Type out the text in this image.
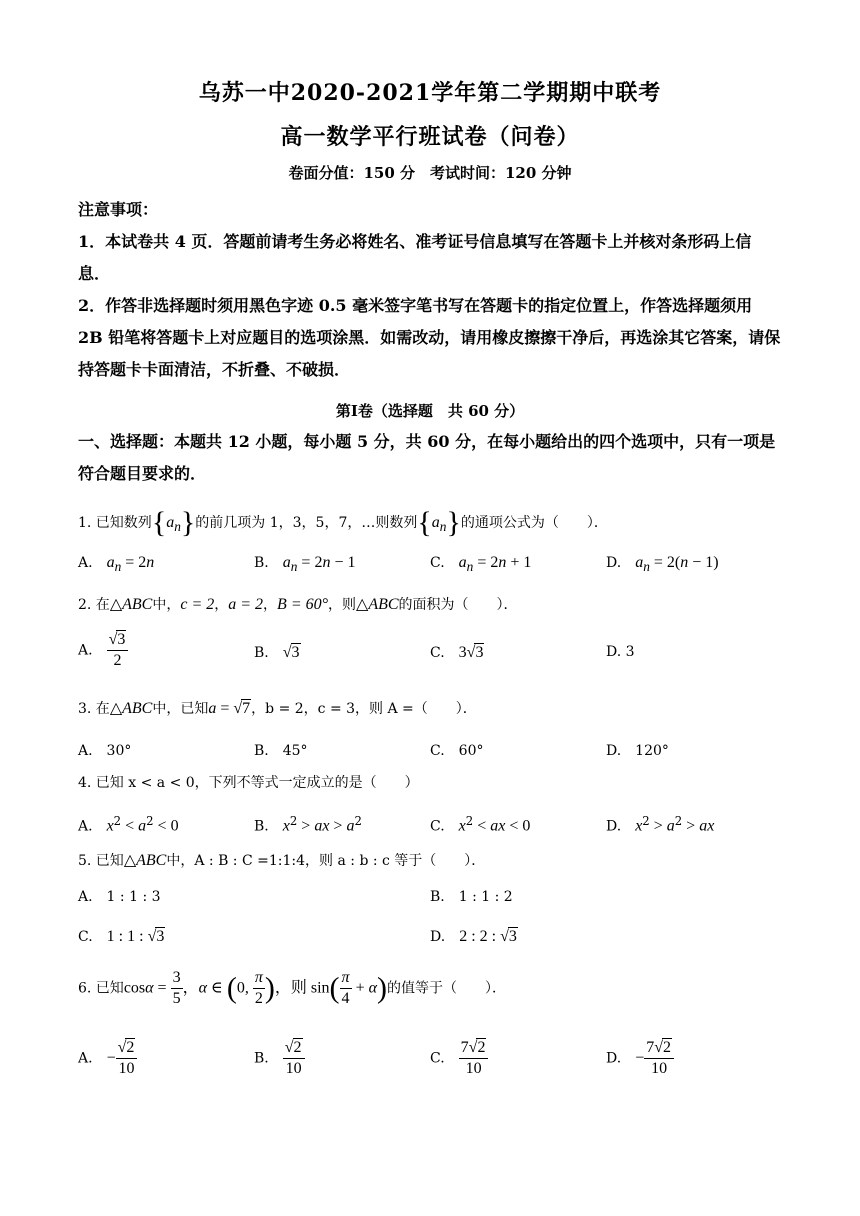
乌苏一中2020-2021学年第二学期期中联考
高一数学平行班试卷（问卷）
卷面分值：150 分　考试时间：120 分钟
注意事项：
1．本试卷共 4 页．答题前请考生务必将姓名、准考证号信息填写在答题卡上并核对条形码上信息．
2．作答非选择题时须用黑色字迹 0.5 毫米签字笔书写在答题卡的指定位置上，作答选择题须用 2B 铅笔将答题卡上对应题目的选项涂黑．如需改动，请用橡皮擦擦干净后，再选涂其它答案，请保持答题卡卡面清洁，不折叠、不破损．
第Ⅰ卷（选择题　共 60 分）
一、选择题：本题共 12 小题，每小题 5 分，共 60 分，在每小题给出的四个选项中，只有一项是符合题目要求的．
1. 已知数列$\{a_n\}$的前几项为 1，3，5，7，…则数列$\{a_n\}$的通项公式为（　　）．
A.　 $a_n = 2n$	B.　 $a_n = 2n - 1$	C.　 $a_n = 2n + 1$	D.　 $a_n = 2(n - 1)$
2. 在△ABC中，c = 2，a = 2，B = 60°，则△ABC的面积为（　　）．
A.　 $\frac{√3}{2}$	B.　√3	C.　3√3	D. 3
3. 在△ABC中，已知a = √7，b = 2，c = 3，则 A =（　　）．
A.　30°	B.　45°	C.　60°	D.　120°
4. 已知 x < a < 0，下列不等式一定成立的是（　　）
A.　$x^2 < a^2 < 0$	B.　$x^2$ > ax > $a^2$	C.　$x^2$ < ax < 0	D.　$x^2 > a^2$ > ax
5. 已知△ABC中，A : B : C =1:1:4，则 a : b : c 等于（　　）．
A.　1 : 1 : 3	B.　1 : 1 : 2
C.　1 : 1 : √3	D.　2 : 2 : √3
6. 已知$\cos\alpha = \frac{3}{5}$ ，α ∈ (0, $\frac{\pi}{2}$ )，则 $\sin( \frac{\pi}{4} + \alpha)$的值等于（　　）．
A.　− $\frac{√2}{10}$	B.　 $\frac{√2}{10}$	C.　 $\frac{7√2}{10}$	D.　− $\frac{7√2}{10}$
